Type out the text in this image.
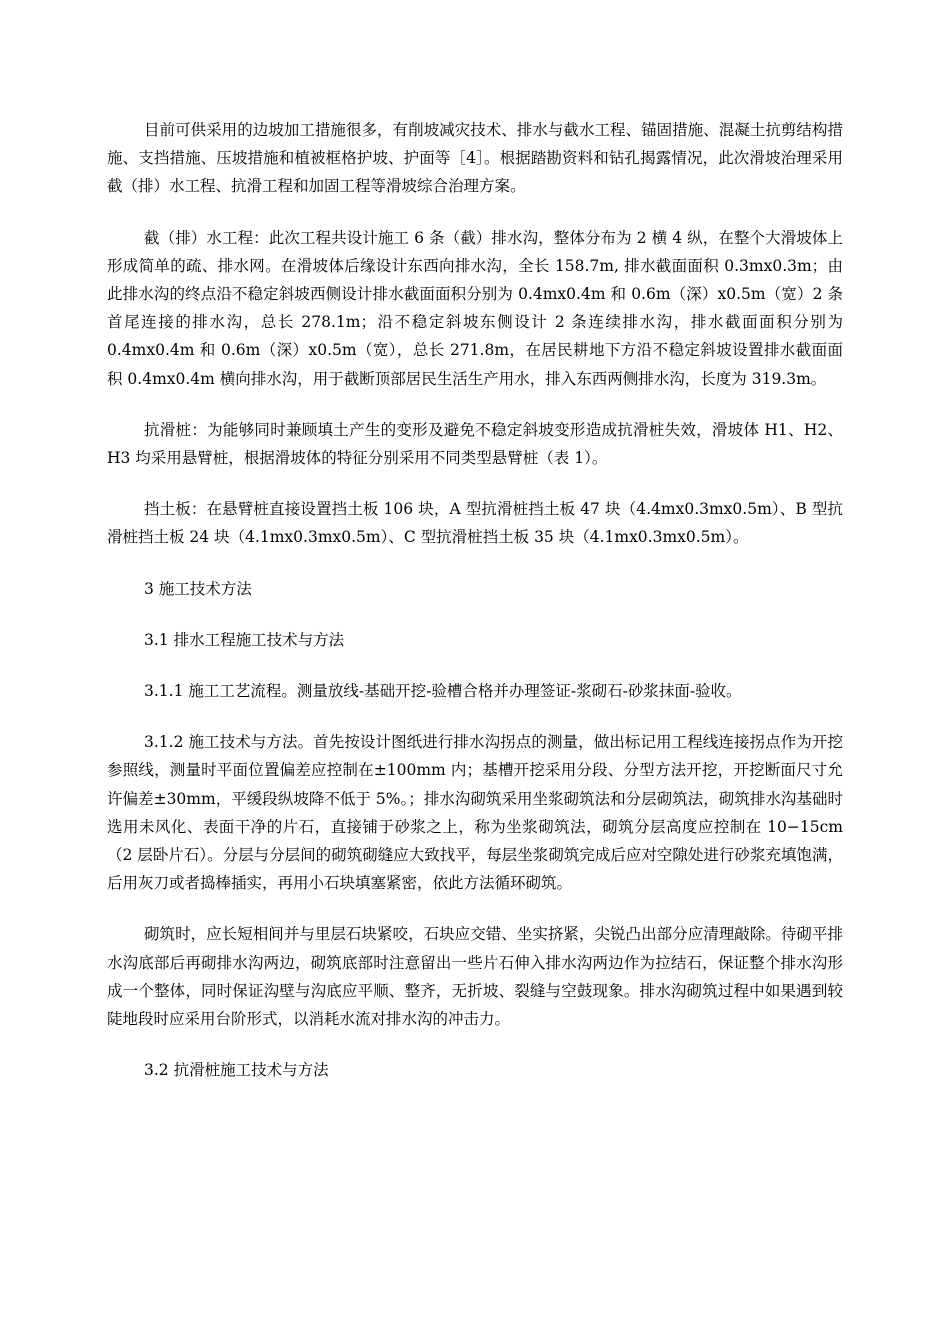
目前可供采用的边坡加工措施很多，有削坡减灾技术、排水与截水工程、锚固措施、混凝土抗剪结构措施、支挡措施、压坡措施和植被框格护坡、护面等［4］。根据踏勘资料和钻孔揭露情况，此次滑坡治理采用截（排）水工程、抗滑工程和加固工程等滑坡综合治理方案。

截（排）水工程：此次工程共设计施工 6 条（截）排水沟，整体分布为 2 横 4 纵，在整个大滑坡体上形成简单的疏、排水网。在滑坡体后缘设计东西向排水沟，全长 158.7m, 排水截面面积 0.3mx0.3m；由此排水沟的终点沿不稳定斜坡西侧设计排水截面面积分别为 0.4mx0.4m 和 0.6m（深）x0.5m（宽）2 条首尾连接的排水沟，总长 278.1m；沿不稳定斜坡东侧设计 2 条连续排水沟，排水截面面积分别为 0.4mx0.4m 和 0.6m（深）x0.5m（宽），总长 271.8m，在居民耕地下方沿不稳定斜坡设置排水截面面积 0.4mx0.4m 横向排水沟，用于截断顶部居民生活生产用水，排入东西两侧排水沟，长度为 319.3m。

抗滑桩：为能够同时兼顾填土产生的变形及避免不稳定斜坡变形造成抗滑桩失效，滑坡体 H1、H2、H3 均采用悬臂桩，根据滑坡体的特征分别采用不同类型悬臂桩（表 1）。

挡土板：在悬臂桩直接设置挡土板 106 块，A 型抗滑桩挡土板 47 块（4.4mx0.3mx0.5m）、B 型抗滑桩挡土板 24 块（4.1mx0.3mx0.5m）、C 型抗滑桩挡土板 35 块（4.1mx0.3mx0.5m）。

3 施工技术方法

3.1 排水工程施工技术与方法

3.1.1 施工工艺流程。测量放线-基础开挖-验槽合格并办理签证-浆砌石-砂浆抹面-验收。

3.1.2 施工技术与方法。首先按设计图纸进行排水沟拐点的测量，做出标记用工程线连接拐点作为开挖参照线，测量时平面位置偏差应控制在±100mm 内；基槽开挖采用分段、分型方法开挖，开挖断面尺寸允许偏差±30mm，平缓段纵坡降不低于 5%。；排水沟砌筑采用坐浆砌筑法和分层砌筑法，砌筑排水沟基础时选用未风化、表面干净的片石，直接铺于砂浆之上，称为坐浆砌筑法，砌筑分层高度应控制在 10−15cm（2 层卧片石）。分层与分层间的砌筑砌缝应大致找平，每层坐浆砌筑完成后应对空隙处进行砂浆充填饱满，后用灰刀或者捣棒插实，再用小石块填塞紧密，依此方法循环砌筑。

砌筑时，应长短相间并与里层石块紧咬，石块应交错、坐实挤紧，尖锐凸出部分应清理敲除。待砌平排水沟底部后再砌排水沟两边，砌筑底部时注意留出一些片石伸入排水沟两边作为拉结石，保证整个排水沟形成一个整体，同时保证沟壁与沟底应平顺、整齐，无折坡、裂缝与空鼓现象。排水沟砌筑过程中如果遇到较陡地段时应采用台阶形式，以消耗水流对排水沟的冲击力。

3.2 抗滑桩施工技术与方法
